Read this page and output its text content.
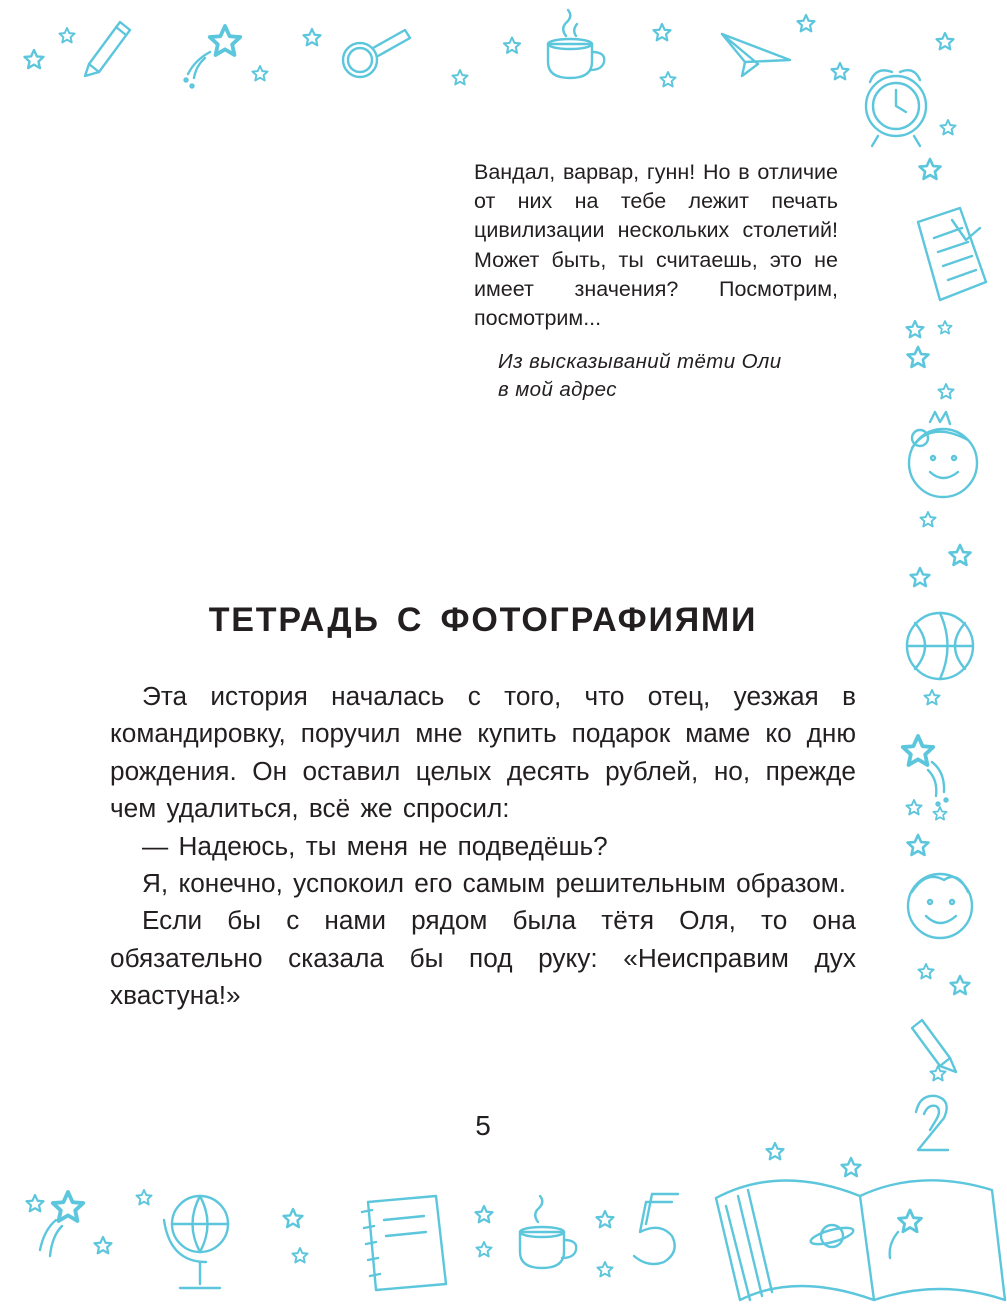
Вандал, варвар, гунн! Но в отличие от них на тебе лежит печать цивилизации нескольких столетий! Может быть, ты считаешь, это не имеет значения? Посмотрим, посмотрим...

Из высказываний тёти Оли
в мой адрес
ТЕТРАДЬ С ФОТОГРАФИЯМИ

Эта история началась с того, что отец, уезжая в командировку, поручил мне купить подарок маме ко дню рождения. Он оставил целых десять рублей, но, прежде чем удалиться, всё же спросил:

— Надеюсь, ты меня не подведёшь?

Я, конечно, успокоил его самым решительным образом.

Если бы с нами рядом была тётя Оля, то она обязательно сказала бы под руку: «Неисправим дух хвастуна!»

5
